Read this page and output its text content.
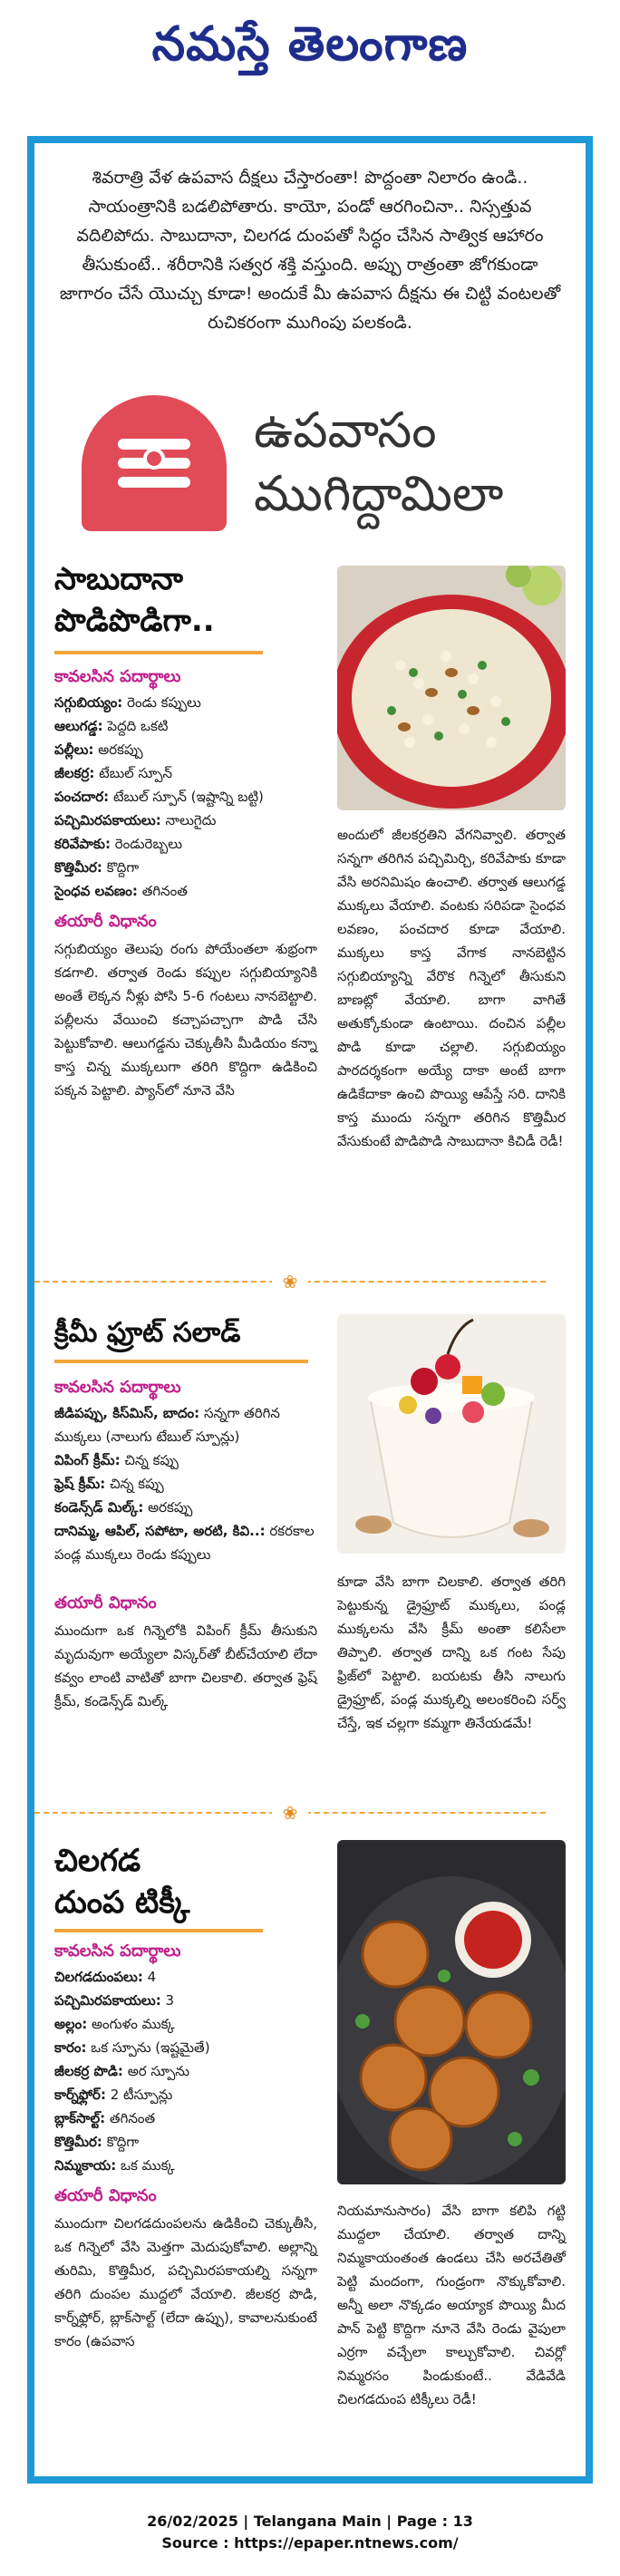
నమస్తే తెలంగాణ

శివరాత్రి వేళ ఉపవాస దీక్షలు చేస్తారంతా! పొద్దంతా నిలారం ఉండి.. సాయంత్రానికి బడలిపోతారు. కాయో, పండో ఆరగించినా.. నిస్సత్తువ వదిలిపోదు. సాబుదానా, చిలగడ దుంపతో సిద్ధం చేసిన సాత్విక ఆహారం తీసుకుంటే.. శరీరానికి సత్వర శక్తి వస్తుంది. అప్పు రాత్రంతా జోగకుండా జాగారం చేసే యొచ్చు కూడా! అందుకే మీ ఉపవాస దీక్షను ఈ చిట్టి వంటలతో రుచికరంగా ముగింపు పలకండి.

ఉపవాసం
ముగిద్దామిలా
సాబుదానా
పొడిపొడిగా..
కావలసిన పదార్థాలు
సగ్గుబియ్యం: రెండు కప్పులు
ఆలుగడ్డ: పెద్దది ఒకటి
పల్లీలు: అరకప్పు
జీలకర్ర: టేబుల్ స్పూన్
పంచదార: టేబుల్ స్పూన్ (ఇష్టాన్ని బట్టి)
పచ్చిమిరపకాయలు: నాలుగైదు
కరివేపాకు: రెండురెబ్బలు
కొత్తిమీర: కొద్దిగా
సైంధవ లవణం: తగినంత
తయారీ విధానం

సగ్గుబియ్యం తెలుపు రంగు పోయేంతలా శుభ్రంగా కడగాలి. తర్వాత రెండు కప్పుల సగ్గుబియ్యానికి అంతే లెక్కన నీళ్లు పోసి 5-6 గంటలు నానబెట్టాలి. పల్లీలను వేయించి కచ్చాపచ్చాగా పొడి చేసి పెట్టుకోవాలి. ఆలుగడ్డను చెక్కుతీసి మీడియం కన్నా కాస్త చిన్న ముక్కలుగా తరిగి కొద్దిగా ఉడికించి పక్కన పెట్టాలి. ప్యాన్‌లో నూనె వేసి

అందులో జీలకర్రతిని వేగనివ్వాలి. తర్వాత సన్నగా తరిగిన పచ్చిమిర్చి, కరివేపాకు కూడా వేసి అరనిమిషం ఉంచాలి. తర్వాత ఆలుగడ్డ ముక్కలు వేయాలి. వంటకు సరిపడా సైంధవ లవణం, పంచదార కూడా వేయాలి. ముక్కలు కాస్త వేగాక నానబెట్టిన సగ్గుబియ్యాన్ని వేరొక గిన్నెలో తీసుకుని బాణట్లో వేయాలి. బాగా వాగితే అతుక్కోకుండా ఉంటాయి. దంచిన పల్లీల పొడి కూడా చల్లాలి. సగ్గుబియ్యం పారదర్శకంగా అయ్యే దాకా అంటే బాగా ఉడికేదాకా ఉంచి పొయ్యి ఆపేస్తే సరి. దానికి కాస్త ముందు సన్నగా తరిగిన కొత్తిమీర వేసుకుంటే పొడిపొడి సాబుదానా కిచిడీ రెడీ!

❀
క్రీమీ ఫ్రూట్ సలాడ్
కావలసిన పదార్థాలు
జీడిపప్పు, కిస్‌మిస్, బాదం: సన్నగా తరిగిన ముక్కలు (నాలుగు టేబుల్ స్పూన్లు)
విపింగ్ క్రీమ్: చిన్న కప్పు
ఫ్రెష్ క్రీమ్: చిన్న కప్పు
కండెన్స్‌డ్ మిల్క్: అరకప్పు
దానిమ్మ, ఆపిల్, సపోటా, అరటి, కివి..: రకరకాల పండ్ల ముక్కలు రెండు కప్పులు
తయారీ విధానం

ముందుగా ఒక గిన్నెలోకి విపింగ్ క్రీమ్ తీసుకుని మృదువుగా అయ్యేలా విస్కర్‌తో బీట్‌చేయాలి లేదా కవ్వం లాంటి వాటితో బాగా చిలకాలి. తర్వాత ఫ్రెష్ క్రీమ్, కండెన్స్‌డ్ మిల్క్

కూడా వేసి బాగా చిలకాలి. తర్వాత తరిగి పెట్టుకున్న డ్రైఫ్రూట్ ముక్కలు, పండ్ల ముక్కలను వేసి క్రీమ్ అంతా కలిసేలా తిప్పాలి. తర్వాత దాన్ని ఒక గంట సేపు ఫ్రిజ్‌లో పెట్టాలి. బయటకు తీసి నాలుగు డ్రైఫ్రూట్, పండ్ల ముక్కల్ని అలంకరించి సర్వ్ చేస్తే, ఇక చల్లగా కమ్మగా తినేయడమే!

❀
చిలగడ
దుంప టిక్కీ
కావలసిన పదార్థాలు
చిలగడదుంపలు: 4
పచ్చిమిరపకాయలు: 3
అల్లం: అంగుళం ముక్క
కారం: ఒక స్పూను (ఇష్టమైతే)
జీలకర్ర పొడి: అర స్పూను
కార్న్‌ఫ్లోర్: 2 టీస్పూన్లు
బ్లాక్‌సాల్ట్: తగినంత
కొత్తిమీర: కొద్దిగా
నిమ్మకాయ: ఒక ముక్క
తయారీ విధానం

ముందుగా చిలగడదుంపలను ఉడికించి చెక్కుతీసి, ఒక గిన్నెలో వేసి మెత్తగా మెదుపుకోవాలి. అల్లాన్ని తురిమి, కొత్తిమీర, పచ్చిమిరపకాయల్ని సన్నగా తరిగి దుంపల ముద్దలో వేయాలి. జీలకర్ర పొడి, కార్న్‌ఫ్లోర్, బ్లాక్‌సాల్ట్ (లేదా ఉప్పు), కావాలనుకుంటే కారం (ఉపవాస

నియమానుసారం) వేసి బాగా కలిపి గట్టి ముద్దలా చేయాలి. తర్వాత దాన్ని నిమ్మకాయంతంత ఉండలు చేసి అరచేతితో పెట్టి మందంగా, గుండ్రంగా నొక్కుకోవాలి. అన్నీ అలా నొక్కడం అయ్యాక పొయ్యి మీద పాన్ పెట్టి కొద్దిగా నూనె వేసి రెండు వైపులా ఎర్రగా వచ్చేలా కాల్చుకోవాలి. చివర్లో నిమ్మరసం పిండుకుంటే.. వేడివేడి చిలగడదుంప టిక్కీలు రెడీ!

26/02/2025 | Telangana Main | Page : 13
Source : https://epaper.ntnews.com/
